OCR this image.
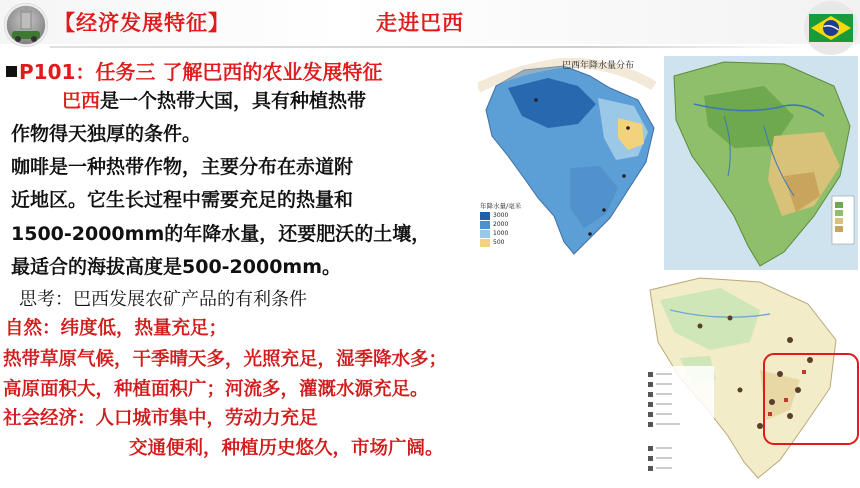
【经济发展特征】	走进巴西
P101：任务三 了解巴西的农业发展特征
巴西是一个热带大国，具有种植热带
作物得天独厚的条件。
咖啡是一种热带作物，主要分布在赤道附
近地区。它生长过程中需要充足的热量和
1500-2000mm的年降水量，还要肥沃的土壤，
最适合的海拔高度是500-2000mm。
思考：巴西发展农矿产品的有利条件
自然：纬度低，热量充足；
热带草原气候，干季晴天多，光照充足，湿季降水多；
高原面积大，种植面积广；河流多，灌溉水源充足。
社会经济：人口城市集中，劳动力充足
交通便利，种植历史悠久，市场广阔。
巴西年降水量分布
年降水量/毫米
3000
2000
1000
500
